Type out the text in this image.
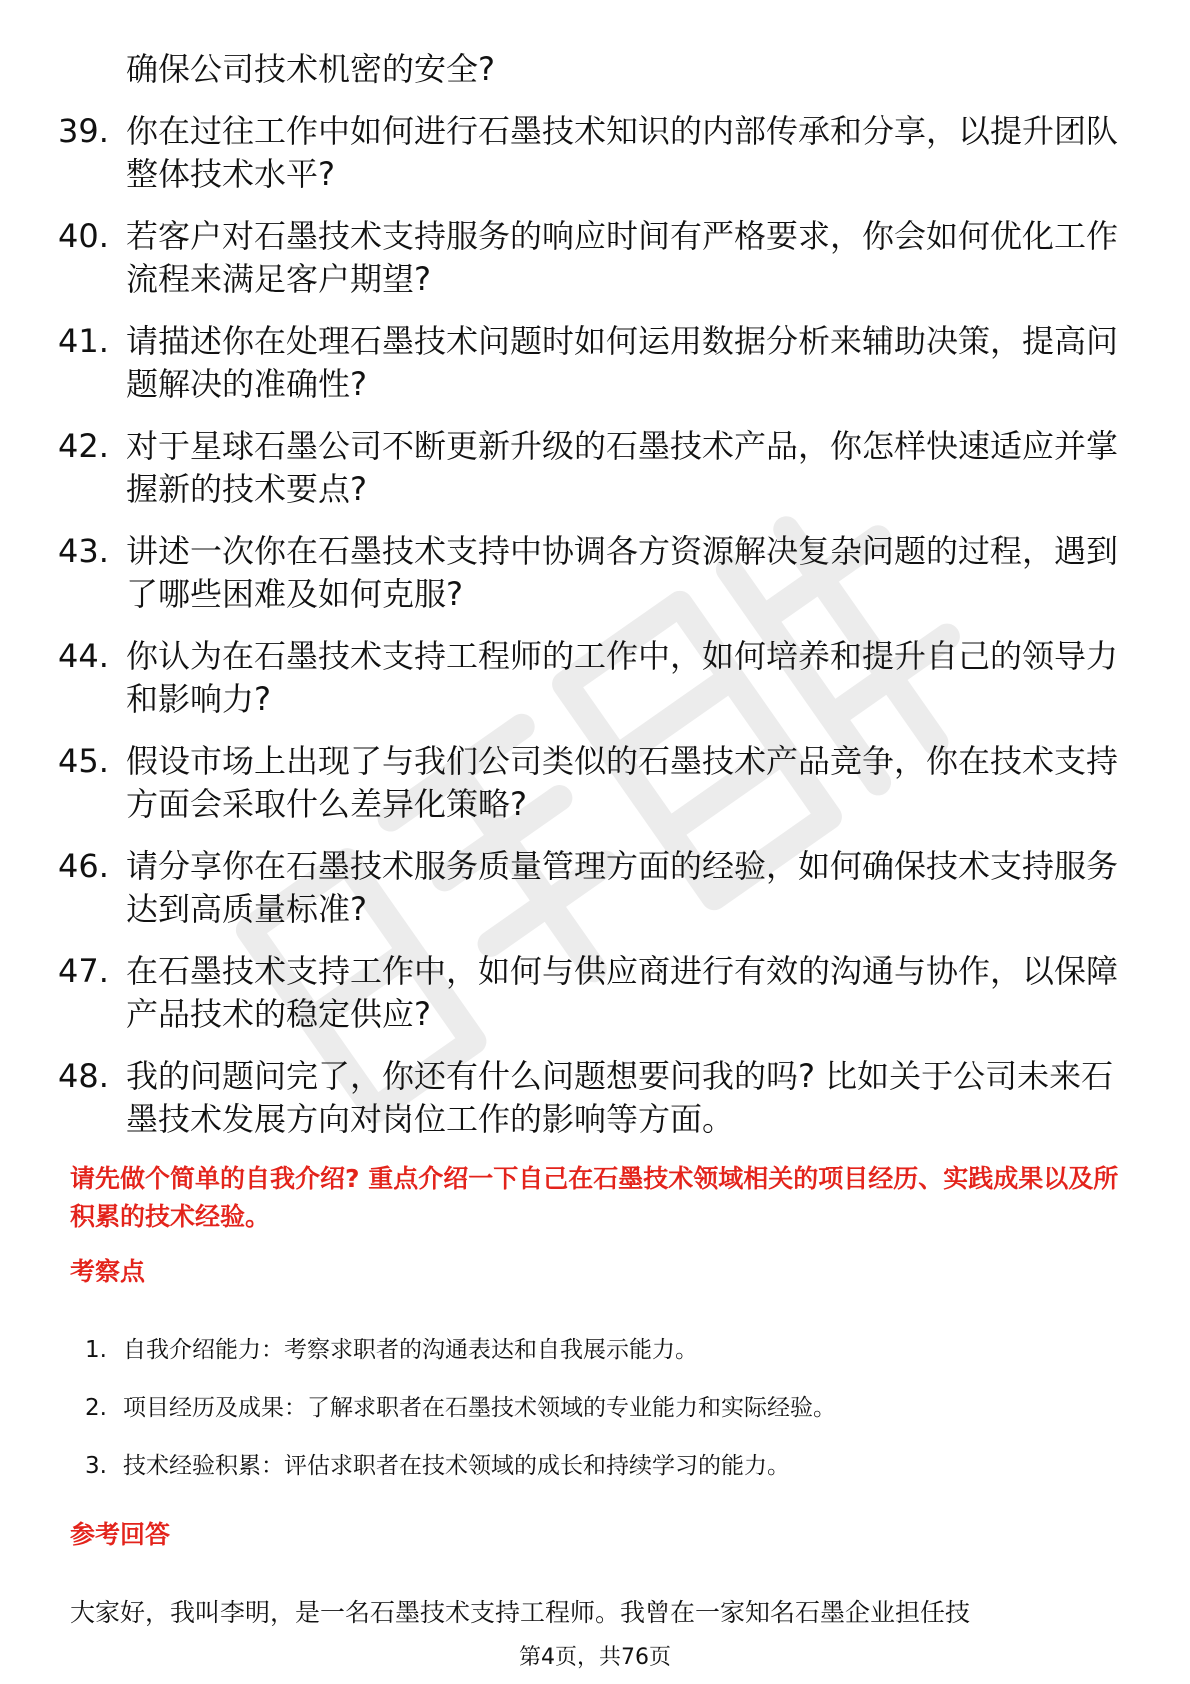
确保公司技术机密的安全?
39. 你在过往工作中如何进行石墨技术知识的内部传承和分享，以提升团队整体技术水平?
40. 若客户对石墨技术支持服务的响应时间有严格要求，你会如何优化工作流程来满足客户期望?
41. 请描述你在处理石墨技术问题时如何运用数据分析来辅助决策，提高问题解决的准确性?
42. 对于星球石墨公司不断更新升级的石墨技术产品，你怎样快速适应并掌握新的技术要点?
43. 讲述一次你在石墨技术支持中协调各方资源解决复杂问题的过程，遇到了哪些困难及如何克服?
44. 你认为在石墨技术支持工程师的工作中，如何培养和提升自己的领导力和影响力?
45. 假设市场上出现了与我们公司类似的石墨技术产品竞争，你在技术支持方面会采取什么差异化策略?
46. 请分享你在石墨技术服务质量管理方面的经验，如何确保技术支持服务达到高质量标准?
47. 在石墨技术支持工作中，如何与供应商进行有效的沟通与协作，以保障产品技术的稳定供应?
48. 我的问题问完了，你还有什么问题想要问我的吗? 比如关于公司未来石墨技术发展方向对岗位工作的影响等方面。
请先做个简单的自我介绍? 重点介绍一下自己在石墨技术领域相关的项目经历、实践成果以及所积累的技术经验。
考察点
1. 自我介绍能力：考察求职者的沟通表达和自我展示能力。
2. 项目经历及成果：了解求职者在石墨技术领域的专业能力和实际经验。
3. 技术经验积累：评估求职者在技术领域的成长和持续学习的能力。
参考回答
大家好，我叫李明，是一名石墨技术支持工程师。我曾在一家知名石墨企业担任技
第4页，共76页
